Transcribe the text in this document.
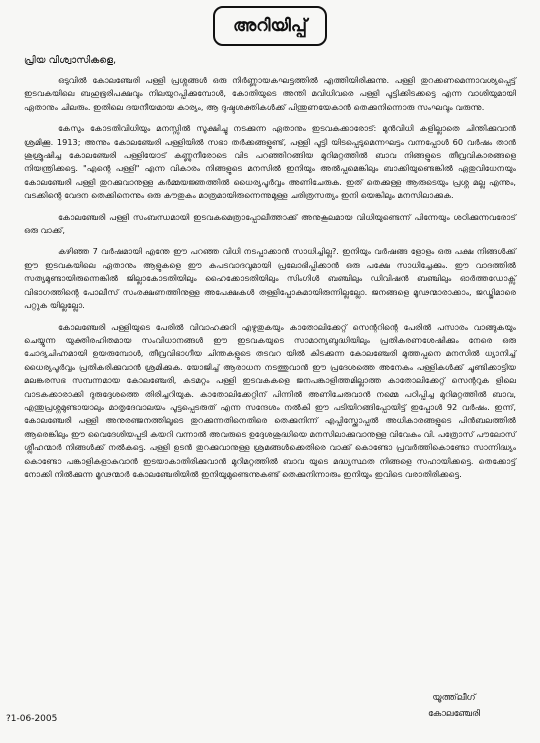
അറിയിപ്പ്
പ്രിയ വിശ്വാസികളെ,

ഒടുവിൽ കോലഞ്ചേരി പള്ളി പ്രശ്നങ്ങൾ ഒരു നിർണ്ണായകഘട്ടത്തിൽ എത്തിയിരിക്കുന്നു. പള്ളി തുറക്കണമെന്നാവശ്യപ്പെട്ട് ഇടവകയിലെ ബഹുഭൂരിപക്ഷവും നിലയുറപ്പിക്കുമ്പോൾ, കോതിയുടെ അന്തി മവിധിവരെ പള്ളി പൂട്ടിക്കിടക്കട്ടെ എന്ന വാശിയുമായി ഏതാനും ചിലരും. ഇതിലെ ദയനീയമായ കാര്യം, ആ ദുഷ്ടശക്തികൾക്ക് പിന്തുണയേകാൻ തെക്കുനിന്നൊരു സംഘവും വരുന്നു.

കേസും കോടതിവിധിയും മനസ്സിൽ സൂക്ഷിച്ചു നടക്കുന്ന ഏതാനും ഇടവകക്കാരോട്: മുൻവിധി കളില്ലാതെ ചിന്തിക്കുവാൻ ശ്രമിക്കൂ. 1913; അന്നും കോലഞ്ചേരി പള്ളിയിൽ സഭാ തർക്കങ്ങളുണ്ട്, പള്ളി പൂട്ടി യിടപ്പെടുമെന്നഘട്ടം വന്നപ്പോൾ 60 വർഷം താൻ ശുശ്രൂഷിച്ച കോലഞ്ചേരി പള്ളിയോട് കണ്ണുനീരോടെ വിട പറഞ്ഞിറങ്ങിയ മുറിമറ്റത്തിൽ ബാവ നിങ്ങളുടെ തീവ്രവികാരങ്ങളെ നിയന്ത്രിക്കട്ടെ. "എന്റെ പള്ളി" എന്ന വികാരം നിങ്ങളുടെ മനസിൽ ഇനിയും അൽപ്പമെങ്കിലും ബാക്കിയുണ്ടെങ്കിൽ ഏതുവിധേനയും കോലഞ്ചേരി പള്ളി തുറക്കുവാനുള്ള കർമ്മയജ്ഞത്തിൽ ധൈര്യപൂർവ്വം അണിചേരുക. ഇത് തെക്കുള്ള ആരുടെയും പ്രശ്ന മല്ല എന്നും, വടക്കിന്റെ വേദന തെക്കിനെന്നും ഒരു കൗതുകം മാത്രമായിരുന്നെന്നുമുള്ള ചരിത്രസത്യം ഇനി യെങ്കിലും മനസിലാക്കുക.

കോലഞ്ചേരി പള്ളി സംബന്ധമായി ഇടവകമെത്രാപ്പോലീത്താക്ക് അനുകൂലമായ വിധിയുണ്ടെന്ന് പിന്നേയും ശഠിക്കുന്നവരോട് ഒരു വാക്ക്,

കഴിഞ്ഞ 7 വർഷമായി എന്തേ ഈ പറഞ്ഞ വിധി നടപ്പാക്കാൻ സാധിച്ചില്ല?. ഇനിയും വർഷങ്ങ ളോളം ഒരു പക്ഷ നിങ്ങൾക്ക് ഈ ഇടവകയിലെ ഏതാനും ആളുകളെ ഈ കപടവാദവുമായി പ്രലോഭിപ്പിക്കാൻ ഒരു പക്ഷേ സാധിച്ചേക്കും. ഈ വാദത്തിൽ സത്യമുണ്ടായിരുന്നെങ്കിൽ ജില്ലാകോടതിയിലും ഹൈക്കോടതിയിലും സിംഗിൾ ബഞ്ചിലും ഡിവിഷൻ ബഞ്ചിലും ഓർത്തഡോക്സ് വിഭാഗത്തിന്റെ പോലീസ് സംരക്ഷണത്തിനുള്ള അപേക്ഷകൾ തള്ളിപ്പോകുമായിരുന്നില്ലല്ലോ. ജനങ്ങളെ മൂഢന്മാരാക്കാം, ജഡ്ജിമാരെ പറ്റുക യില്ലല്ലോ.

കോലഞ്ചേരി പള്ളിയുടെ പേരിൽ വിവാഹക്കുറി എഴുതുകയും കാതോലിക്കേറ്റ് സെന്ററിന്റെ പേരിൽ പസാരം വാങ്ങുകയും ചെയ്യുന്ന യുക്തിരഹിതമായ സംവിധാനങ്ങൾ ഈ ഇടവകയുടെ സാമാന്യബുദ്ധിയിലും പ്രതികരണശേഷിക്കും നേരെ ഒരു ചോദ്യചിഹ്നമായി ഉയരുമ്പോൾ, തീവ്രവിഭാഗീയ ചിന്തകളുടെ തടവറ യിൽ കിടക്കുന്ന കോലഞ്ചേരി മുത്തപ്പനെ മനസിൽ ധ്യാനിച്ച് ധൈര്യപൂർവ്വം പ്രതികരിക്കുവാൻ ശ്രമിക്കുക. യോജിച്ച് ആരാധന നടത്തുവാൻ ഈ പ്രദേശത്തെ അനേകം പള്ളികൾക്ക് ചൂണ്ടിക്കാട്ടിയ മലങ്കരസഭ സമ്പന്നമായ കോലഞ്ചേരി, കടമറ്റം പള്ളി ഇടവകകളെ ജനപങ്കാളിത്തമില്ലാത്ത കാതോലിക്കേറ്റ് സെന്ററുക ളിലെ വാടകക്കാരാക്കി ദുരുദ്ദേശത്തെ തിരിച്ചറിയുക. കാതോലിക്കേറ്റിന് പിന്നിൽ അണിചേരുവാൻ നമ്മെ പഠിപ്പിച്ച മുറിമറ്റത്തിൽ ബാവ, എന്തുപ്രശ്നമുണ്ടായാലും മാതൃദേവാലയം പൂട്ടപ്പെടരുത് എന്ന സന്ദേശം നൽകി ഈ പടിയിറങ്ങിപ്പോയിട്ട് ഇപ്പോൾ 92 വർഷം. ഇന്ന്, കോലഞ്ചേരി പള്ളി അനുരഞ്ജനത്തിലൂടെ തുറക്കുന്നതിനെതിരെ തെക്കുനിന്ന് എപ്പിസ്ക്കോപ്പൽ അധികാരങ്ങളുടെ പിൻബലത്തിൽ ആരെങ്കിലും ഈ വൈദേശിയപ്പടി കയറി വന്നാൽ അവരുടെ ഉദ്ദേശശുദ്ധിയെ മനസിലാക്കുവാനുള്ള വിവേകം വി. പത്രോസ് പൗലോസ് ശ്ലീഹന്മാർ നിങ്ങൾക്ക് നൽകട്ടെ. പള്ളി ഉടൻ തുറക്കുവാനുള്ള ശ്രമങ്ങൾക്കെതിരെ വാക്ക് കൊണ്ടോ പ്രവർത്തികൊണ്ടോ സാന്നിദ്ധ്യം കൊണ്ടോ പങ്കാളികളാകുവാൻ ഇടയാകാതിരിക്കുവാൻ മുറിമറ്റത്തിൽ ബാവ യുടെ മദ്ധ്യസ്ഥത നിങ്ങളെ സഹായിക്കട്ടെ. തെക്കോട്ട് നോക്കി നിൽക്കുന്ന മൂഢന്മാർ കോലഞ്ചേരിയിൽ ഇനിയുമുണ്ടെന്നുകണ്ട് തെക്കുനിന്നാരും ഇനിയും ഇവിടെ വരാതിരിക്കട്ടെ.

യൂത്ത്‌ലീഗ്
കോലഞ്ചേരി
?1-06-2005
